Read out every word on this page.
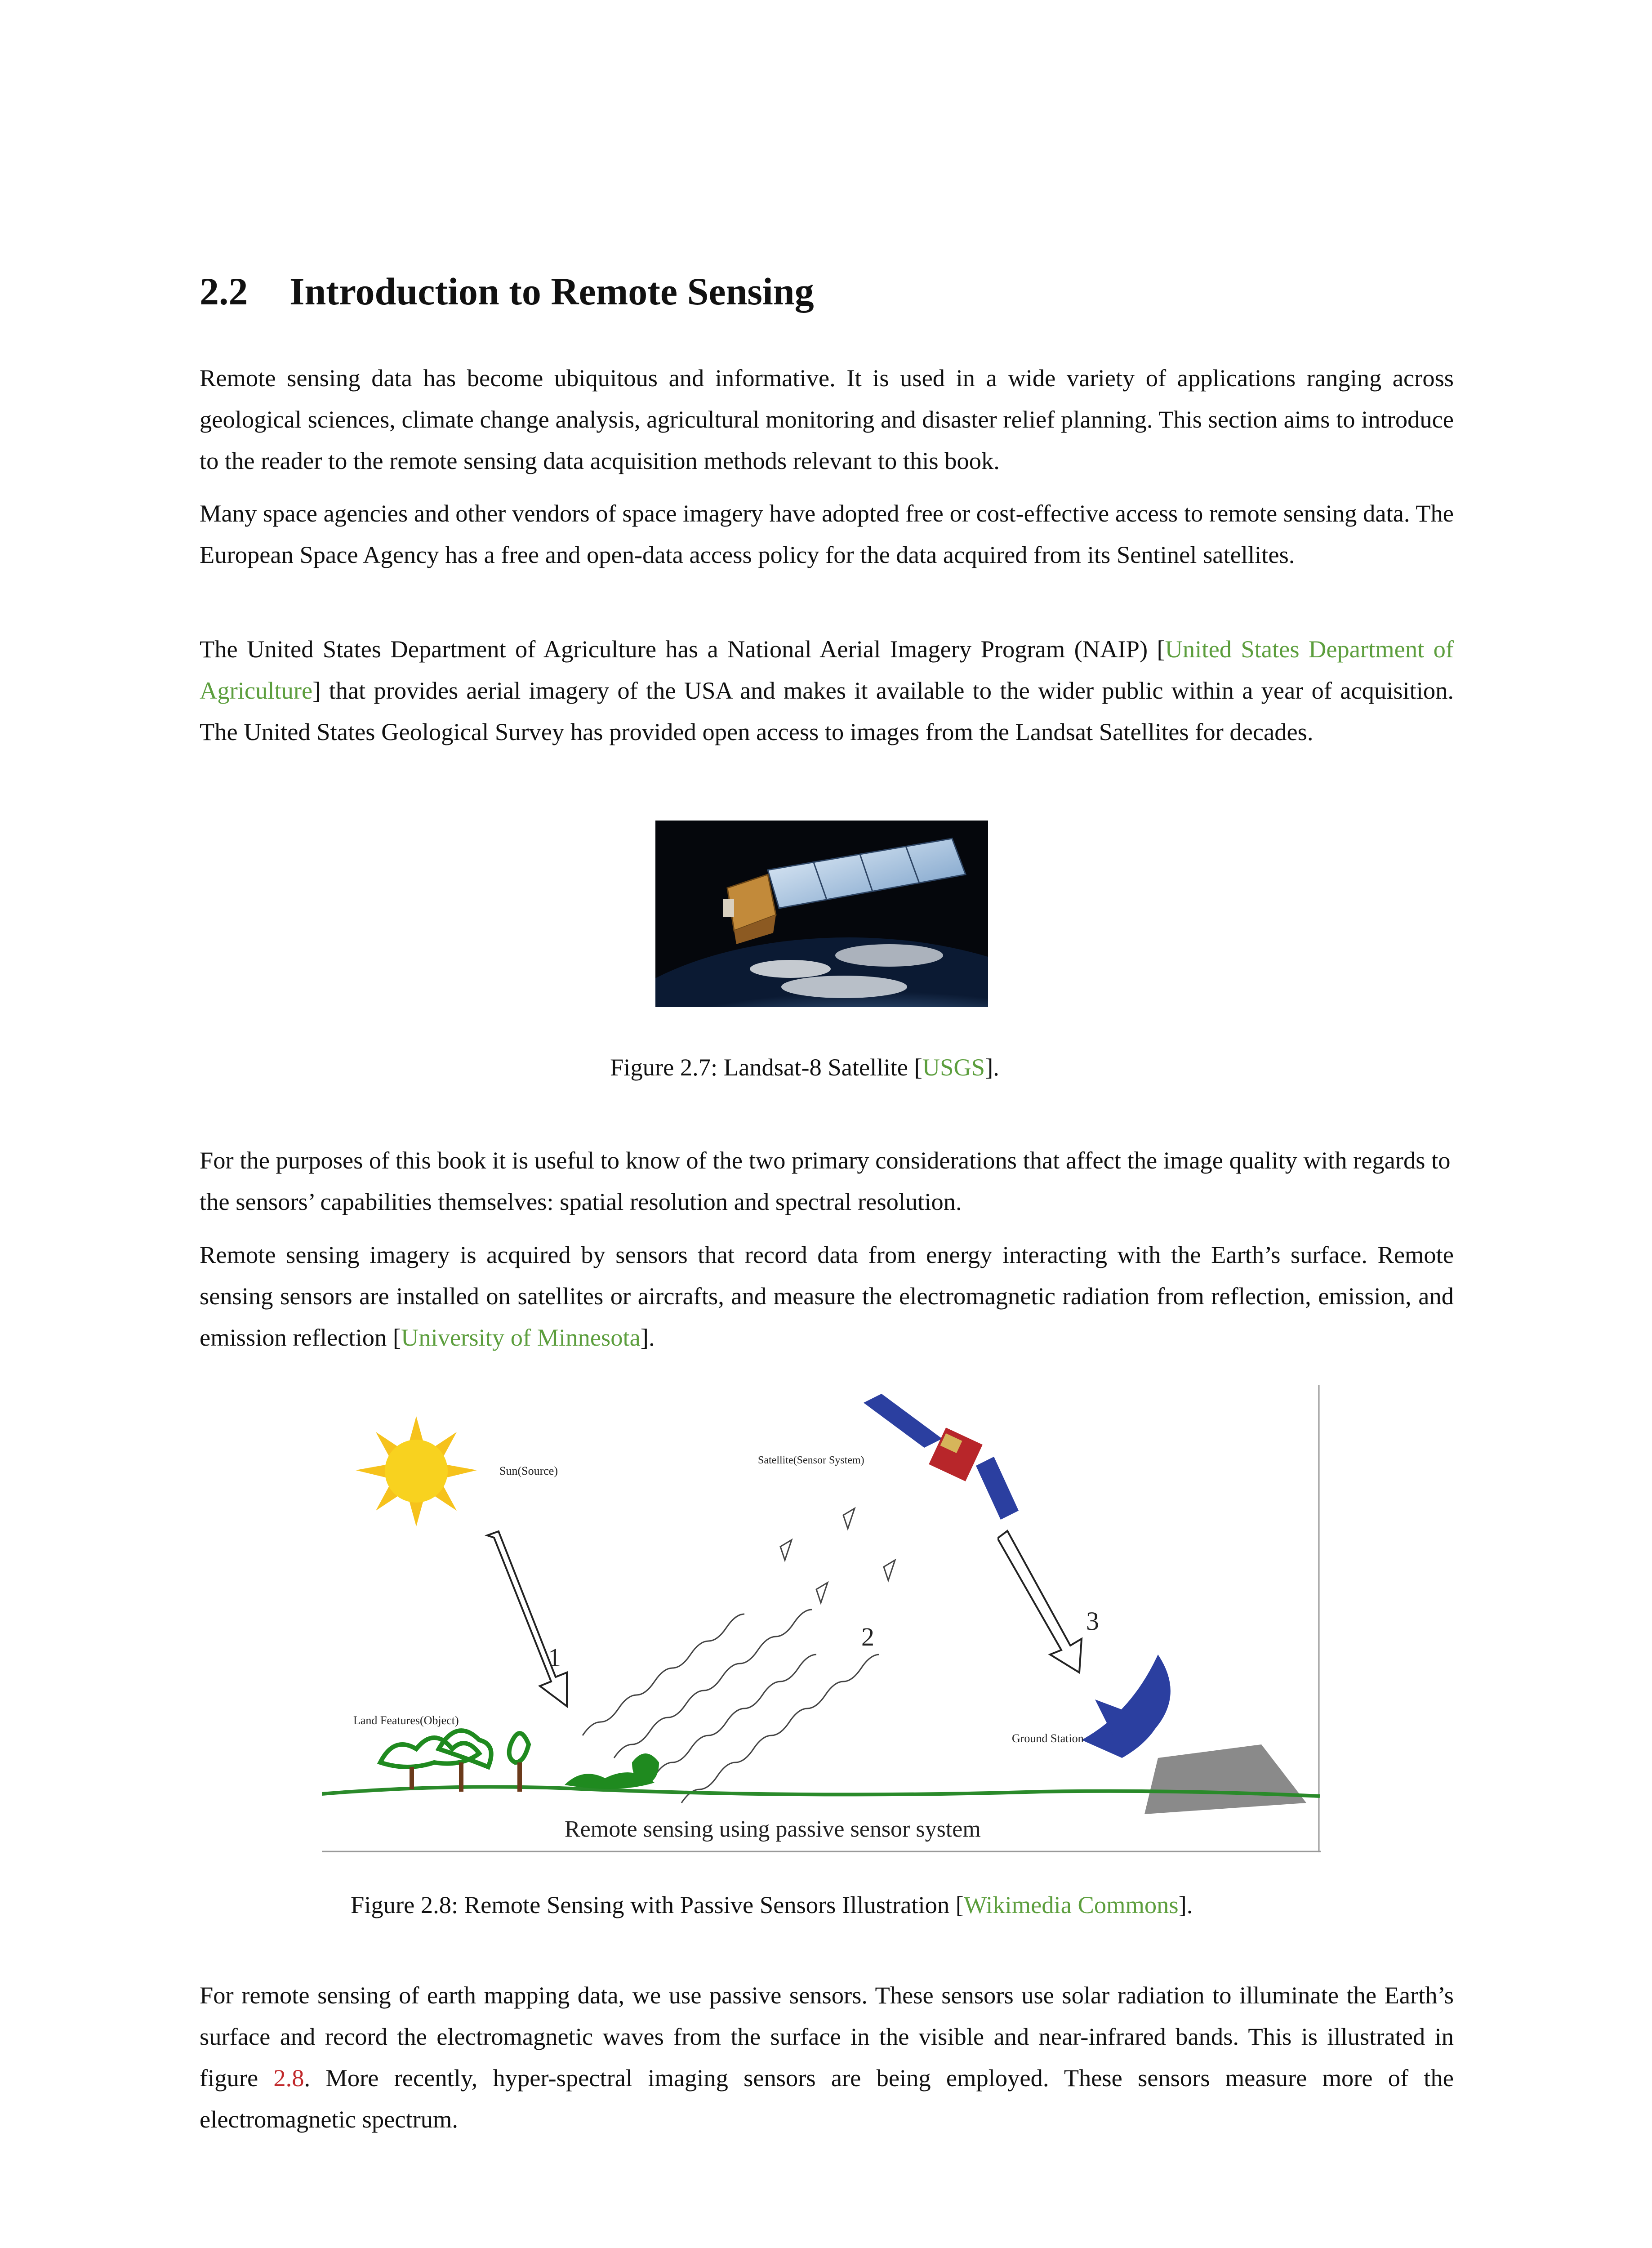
2.2 Introduction to Remote Sensing

Remote sensing data has become ubiquitous and informative. It is used in a wide variety of applications ranging across geological sciences, climate change analysis, agricultural monitoring and disaster relief planning. This section aims to introduce to the reader to the remote sensing data acquisition methods relevant to this book.

Many space agencies and other vendors of space imagery have adopted free or cost-effective access to remote sensing data. The European Space Agency has a free and open-data access policy for the data acquired from its Sentinel satellites.

The United States Department of Agriculture has a National Aerial Imagery Program (NAIP) [United States Department of Agriculture] that provides aerial imagery of the USA and makes it available to the wider public within a year of acquisition. The United States Geological Survey has provided open access to images from the Landsat Satellites for decades.

Figure 2.7: Landsat-8 Satellite [USGS].

For the purposes of this book it is useful to know of the two primary considerations that affect the image quality with regards to the sensors’ capabilities themselves: spatial resolution and spectral resolution.

Remote sensing imagery is acquired by sensors that record data from energy interacting with the Earth’s surface. Remote sensing sensors are installed on satellites or aircrafts, and measure the electromagnetic radiation from reflection, emission, and emission reflection [University of Minnesota].

Sun(Source)
1
2
Satellite(Sensor System)
3
Ground Station
Land Features(Object)
Remote sensing using passive sensor system
Figure 2.8: Remote Sensing with Passive Sensors Illustration [Wikimedia Commons].

For remote sensing of earth mapping data, we use passive sensors. These sensors use solar radiation to illuminate the Earth’s surface and record the electromagnetic waves from the surface in the visible and near-infrared bands. This is illustrated in figure 2.8. More recently, hyper-spectral imaging sensors are being employed. These sensors measure more of the electromagnetic spectrum.
